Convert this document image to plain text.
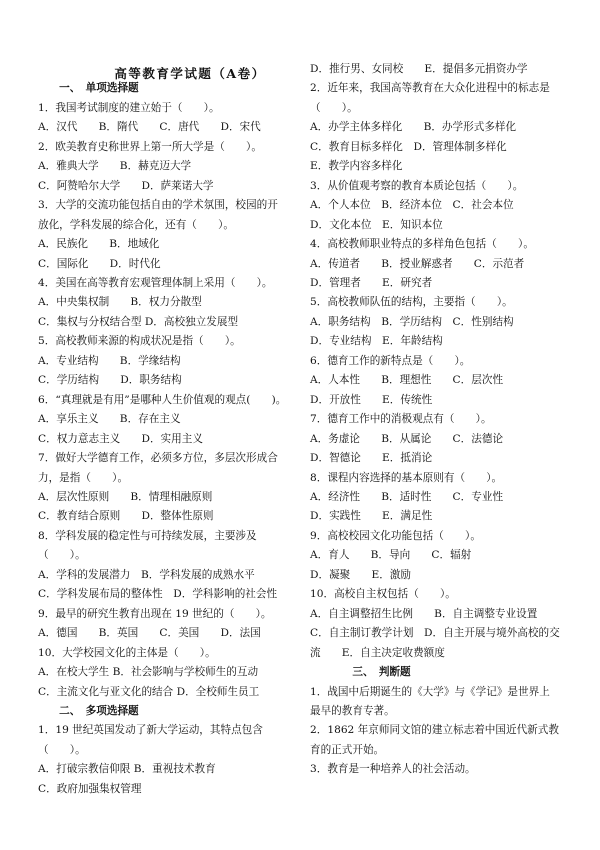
高等教育学试题（A卷）

　　一、　单项选择题
1．我国考试制度的建立始于（　　）。
A．汉代　　B．隋代　　C．唐代　　D．宋代
2．欧美教育史称世界上第一所大学是（　　）。
A．雅典大学　　B．赫克迈大学
C．阿赞哈尔大学　　D．萨莱诺大学
3．大学的交流功能包括自由的学术氛围，校园的开
放化，学科发展的综合化，还有（　　）。
A．民族化　　B．地域化
C．国际化　　D．时代化
4．美国在高等教育宏观管理体制上采用（　　）。
A．中央集权制　　B．权力分散型
C．集权与分权结合型 D．高校独立发展型
5．高校教师来源的构成状况是指（　　）。
A．专业结构　　B．学缘结构
C．学历结构　　D．职务结构
6．“真理就是有用”是哪种人生价值观的观点(　　)。
A．享乐主义　　B．存在主义
C．权力意志主义　　D．实用主义
7．做好大学德育工作，必须多方位，多层次形成合
力，是指（　　）。
A．层次性原则　　B．情理相融原则
C．教育结合原则　　D．整体性原则
8．学科发展的稳定性与可持续发展，主要涉及
（　　）。
A．学科的发展潜力　B．学科发展的成熟水平
C．学科发展布局的整体性　D．学科影响的社会性
9．最早的研究生教育出现在 19 世纪的（　　）。
A．德国　　B．英国　　C．美国　　D．法国
10．大学校园文化的主体是（　　）。
A．在校大学生 B．社会影响与学校师生的互动
C．主流文化与亚文化的结合 D．全校师生员工
　　二、　多项选择题
1．19 世纪英国发动了新大学运动，其特点包含
（　　）。
A．打破宗教信仰限 B．重视技术教育
C．政府加强集权管理
D．推行男、女同校　　E．提倡多元捐资办学
2．近年来，我国高等教育在大众化进程中的标志是
（　　）。
A．办学主体多样化　　B．办学形式多样化
C．教育目标多样化　D．管理体制多样化
E．教学内容多样化
3．从价值观考察的教育本质论包括（　　）。
A．个人本位　B．经济本位　C．社会本位
D．文化本位　E．知识本位
4．高校教师职业特点的多样角色包括（　　）。
A．传道者　　B．授业解惑者　　C．示范者
D．管理者　　E．研究者
5．高校教师队伍的结构，主要指（　　）。
A．职务结构　B．学历结构　C．性别结构
D．专业结构　E．年龄结构
6．德育工作的新特点是（　　）。
A．人本性　　B．理想性　　C．层次性
D．开放性　　E．传统性
7．德育工作中的消极观点有（　　）。
A．务虚论　　B．从属论　　C．法德论
D．智德论　　E．抵消论
8．课程内容选择的基本原则有（　　）。
A．经济性　　B．适时性　　C．专业性
D．实践性　　E．满足性
9．高校校园文化功能包括（　　）。
A．育人　　B．导向　　C．辐射
D．凝聚　　E．激励
10．高校自主权包括（　　）。
A．自主调整招生比例　　B．自主调整专业设置
C．自主制订教学计划　D．自主开展与境外高校的交
流　　E．自主决定收费额度
　　　　三、　判断题
1．战国中后期诞生的《大学》与《学记》是世界上
最早的教育专著。
2．1862 年京师同文馆的建立标志着中国近代新式教
育的正式开始。
3．教育是一种培养人的社会活动。
